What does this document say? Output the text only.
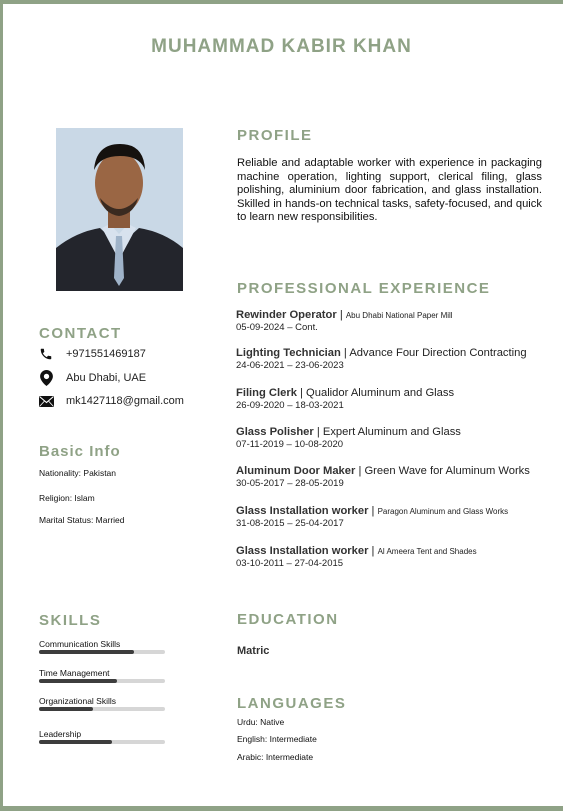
MUHAMMAD KABIR KHAN
PROFILE
Reliable and adaptable worker with experience in packaging machine operation, lighting support, clerical filing, glass polishing, aluminium door fabrication, and glass installation. Skilled in hands-on technical tasks, safety-focused, and quick to learn new responsibilities.
PROFESSIONAL EXPERIENCE
Rewinder Operator | Abu Dhabi National Paper Mill
05-09-2024 – Cont.
Lighting Technician | Advance Four Direction Contracting
24-06-2021 – 23-06-2023
Filing Clerk | Qualidor Aluminum and Glass
26-09-2020 – 18-03-2021
Glass Polisher | Expert Aluminum and Glass
07-11-2019 – 10-08-2020
Aluminum Door Maker | Green Wave for Aluminum Works
30-05-2017 – 28-05-2019
Glass Installation worker | Paragon Aluminum and Glass Works
31-08-2015 – 25-04-2017
Glass Installation worker | Al Ameera Tent and Shades
03-10-2011 – 27-04-2015
CONTACT
+971551469187
Abu Dhabi, UAE
mk1427118@gmail.com
Basic Info
Nationality: Pakistan
Religion: Islam
Marital Status: Married
SKILLS
Communication Skills
Time Management
Organizational Skills
Leadership
EDUCATION
Matric
LANGUAGES
Urdu: Native
English: Intermediate
Arabic: Intermediate
